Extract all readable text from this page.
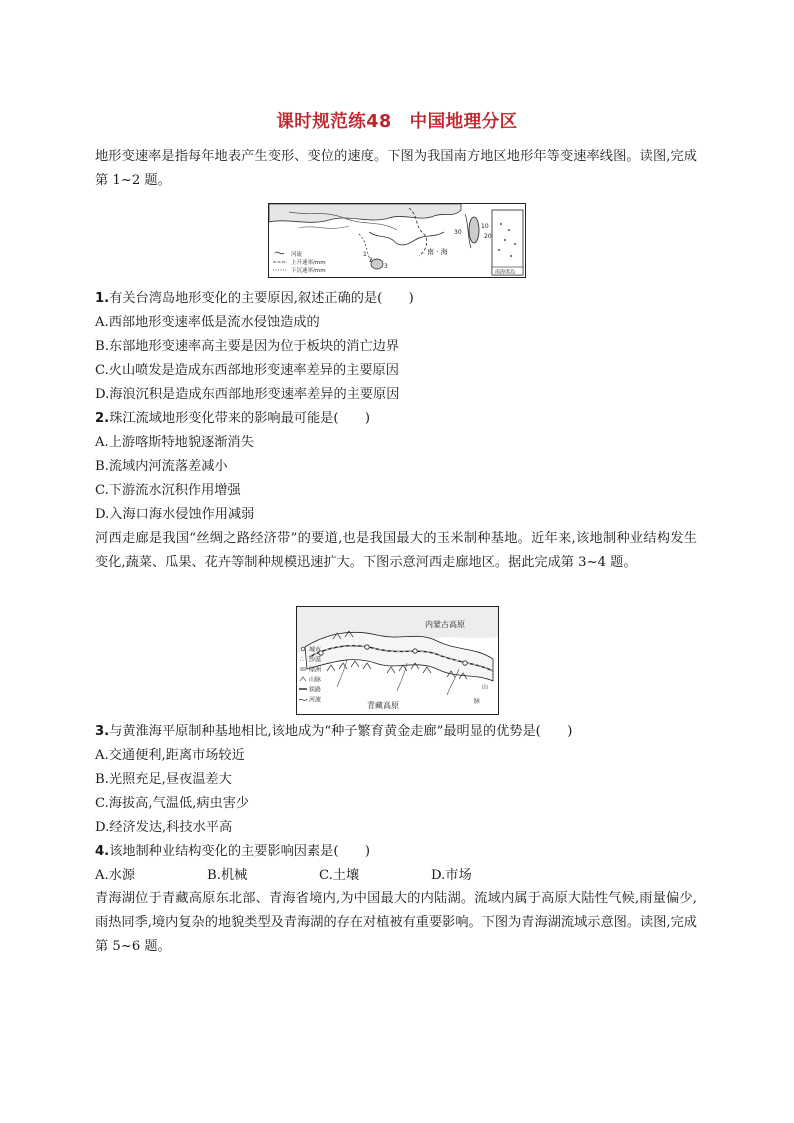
课时规范练48　中国地理分区
地形变速率是指每年地表产生变形、变位的速度。下图为我国南方地区地形年等变速率线图。读图,完成第 1~2 题。
10
20
30
1
2
3
南 · 海
河流
上升速率/mm
下沉速率/mm	南海诸岛
1.有关台湾岛地形变化的主要原因,叙述正确的是(　　)
A.西部地形变速率低是流水侵蚀造成的
B.东部地形变速率高主要是因为位于板块的消亡边界
C.火山喷发是造成东西部地形变速率差异的主要原因
D.海浪沉积是造成东西部地形变速率差异的主要原因
2.珠江流域地形变化带来的影响最可能是(　　)
A.上游喀斯特地貌逐渐消失
B.流域内河流落差减小
C.下游流水沉积作用增强
D.入海口海水侵蚀作用减弱
河西走廊是我国“丝绸之路经济带”的要道,也是我国最大的玉米制种基地。近年来,该地制种业结构发生变化,蔬菜、瓜果、花卉等制种规模迅速扩大。下图示意河西走廊地区。据此完成第 3~4 题。
内蒙古高原
青藏高原
山
脉
城市
∴ 沙漠
绿洲
山脉
铁路
河流
3.与黄淮海平原制种基地相比,该地成为“种子繁育黄金走廊”最明显的优势是(　　)
A.交通便利,距离市场较近
B.光照充足,昼夜温差大
C.海拔高,气温低,病虫害少
D.经济发达,科技水平高
4.该地制种业结构变化的主要影响因素是(　　)
A.水源	B.机械	C.土壤	D.市场
青海湖位于青藏高原东北部、青海省境内,为中国最大的内陆湖。流域内属于高原大陆性气候,雨量偏少,雨热同季,境内复杂的地貌类型及青海湖的存在对植被有重要影响。下图为青海湖流域示意图。读图,完成第 5~6 题。
